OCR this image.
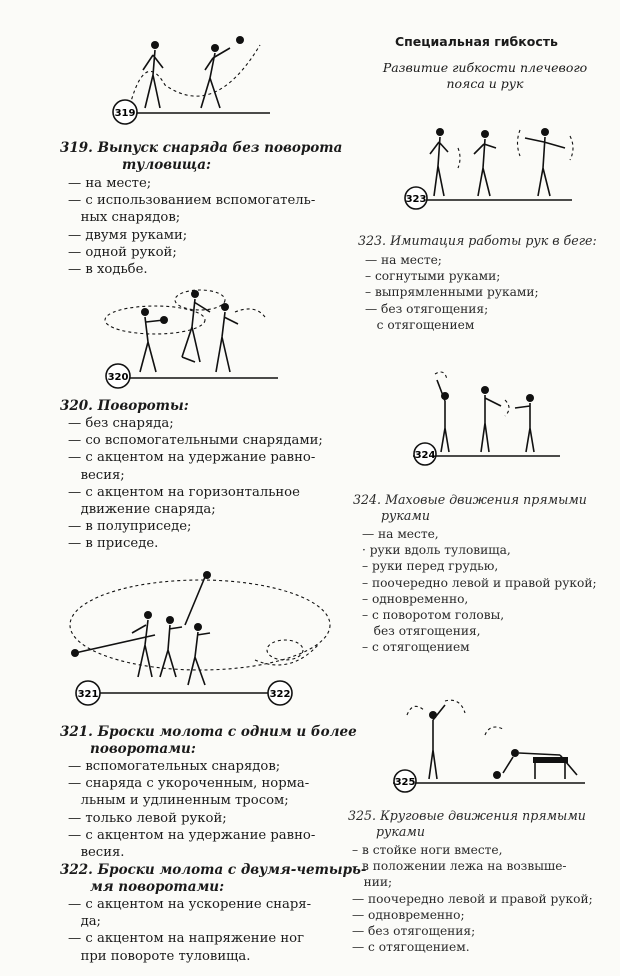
319
319. Выпуск снаряда без поворота
туловища:
— на месте;
— с использованием вспомогатель-
ных снарядов;
— двумя руками;
— одной рукой;
— в ходьбе.
320
320. Повороты:
— без снаряда;
— со вспомогательными снарядами;
— с акцентом на удержание равно-
весия;
— с акцентом на горизонтальное
движение снаряда;
— в полуприседе;
— в приседе.
321	322
321. Броски молота с одним и более
поворотами:
— вспомогательных снарядов;
— снаряда с укороченным, норма-
льным и удлиненным тросом;
— только левой рукой;
— с акцентом на удержание равно-
весия.
322. Броски молота с двумя-четырь-
мя поворотами:
— с акцентом на ускорение снаря-
да;
— с акцентом на напряжение ног
при повороте туловища.
Специальная гибкость
Развитие гибкости плечевого
пояса и рук
323
323. Имитация работы рук в беге:
— на месте;
– согнутыми руками;
– выпрямленными руками;
— без отягощения;
с отягощением
324
324. Маховые движения прямыми
руками
— на месте,
· руки вдоль туловища,
– руки перед грудью,
– поочередно левой и правой рукой;
– одновременно,
– с поворотом головы,
без отягощения,
– с отягощением
325
325. Круговые движения прямыми
руками
– в стойке ноги вместе,
– в положении лежа на возвыше-
нии;
— поочередно левой и правой рукой;
— одновременно;
— без отягощения;
— с отягощением.
